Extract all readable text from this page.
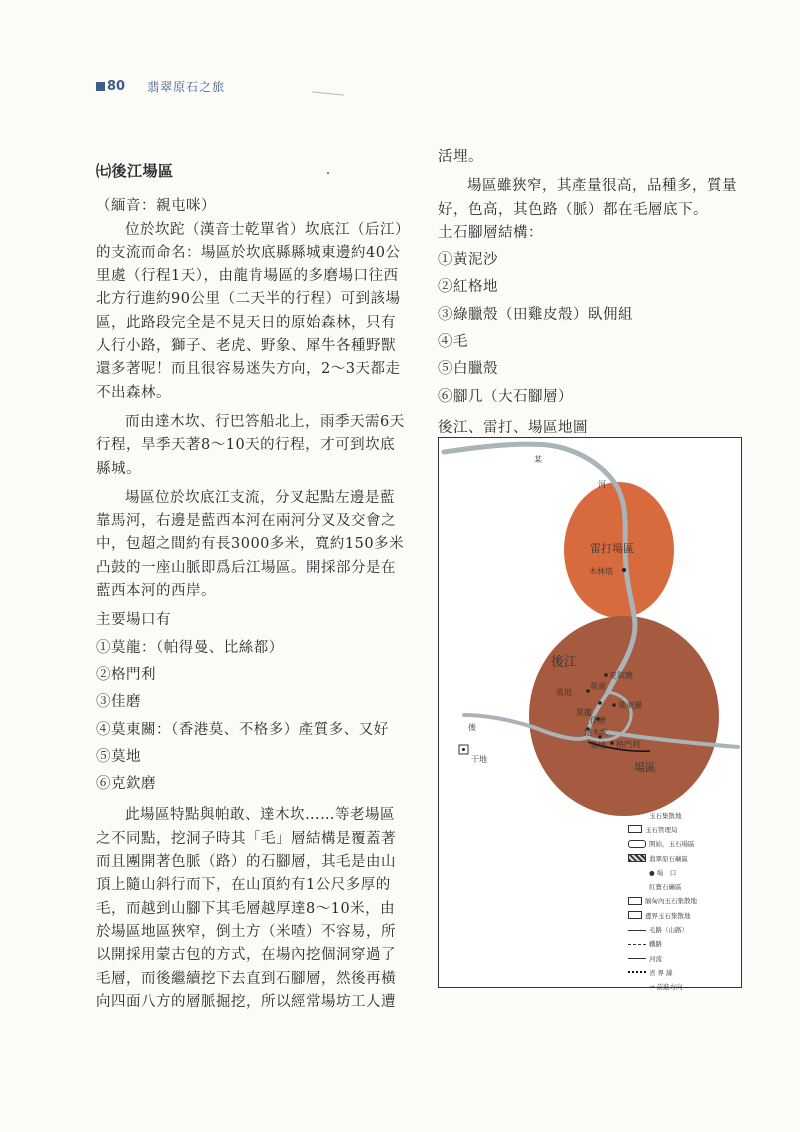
80 翡翠原石之旅

㈦後江場區

（緬音：親屯咪）

位於坎跎（漢音士乾單省）坎底江（后江）的支流而命名：場區於坎底縣縣城東邊約40公里處（行程1天），由龍肯場區的多磨場口往西北方行進約90公里（二天半的行程）可到該場區，此路段完全是不見天日的原始森林，只有人行小路，獅子、老虎、野象、犀牛各種野獸還多著呢！而且很容易迷失方向，2～3天都走不出森林。

而由達木坎、行巴答船北上，雨季天需6天行程，旱季天著8～10天的行程，才可到坎底縣城。

場區位於坎底江支流，分叉起點左邊是藍靠馬河，右邊是藍西本河在兩河分叉及交會之中，包超之間約有長3000多米，寬約150多米凸鼓的一座山脈即爲后江場區。開採部分是在藍西本河的西岸。

主要場口有

①莫龍：（帕得曼、比絲都）

②格門利

③佳磨

④莫東關：（香港莫、不格多）產質多、又好

⑤莫地

⑥克欽磨

此場區特點與帕敢、達木坎……等老場區之不同點，挖洞子時其「毛」層結構是覆蓋著而且團開著色脈（路）的石腳層，其毛是由山頂上隨山斜行而下，在山頂約有1公尺多厚的毛，而越到山腳下其毛層越厚達8～10米，由於場區地區狹窄，倒土方（米喳）不容易，所以開採用蒙古包的方式，在場內挖個洞穿過了毛層，而後繼續挖下去直到石腳層，然後再橫向四面八方的層脈掘挖，所以經常場坊工人遭

活埋。

場區雖狹窄，其產量很高，品種多，質量好，色高，其色路（脈）都在毛層底下。

土石腳層結構：

①黃泥沙

②紅格地

③綠臘殼（田雞皮殼）臥佣組

④毛

⑤白臘殼

⑥腳几（大石腳層）

後江、雷打、場區地圖

某
河
雷打場區
木林塔
後江
克欽磨
莫東
莫地
莫東關
莫龍
佳磨
達木坎
格門利
莫坡
場區
後
干地
玉石集散地
玉石管理局
開始，玉石場區
翡翠原石礦區
● 場　口
紅寶石礦區
緬甸內玉石集散地
邊界玉石集散地
毛路（山路）
鐵路
河流
省 界 線
→ 前進方向
